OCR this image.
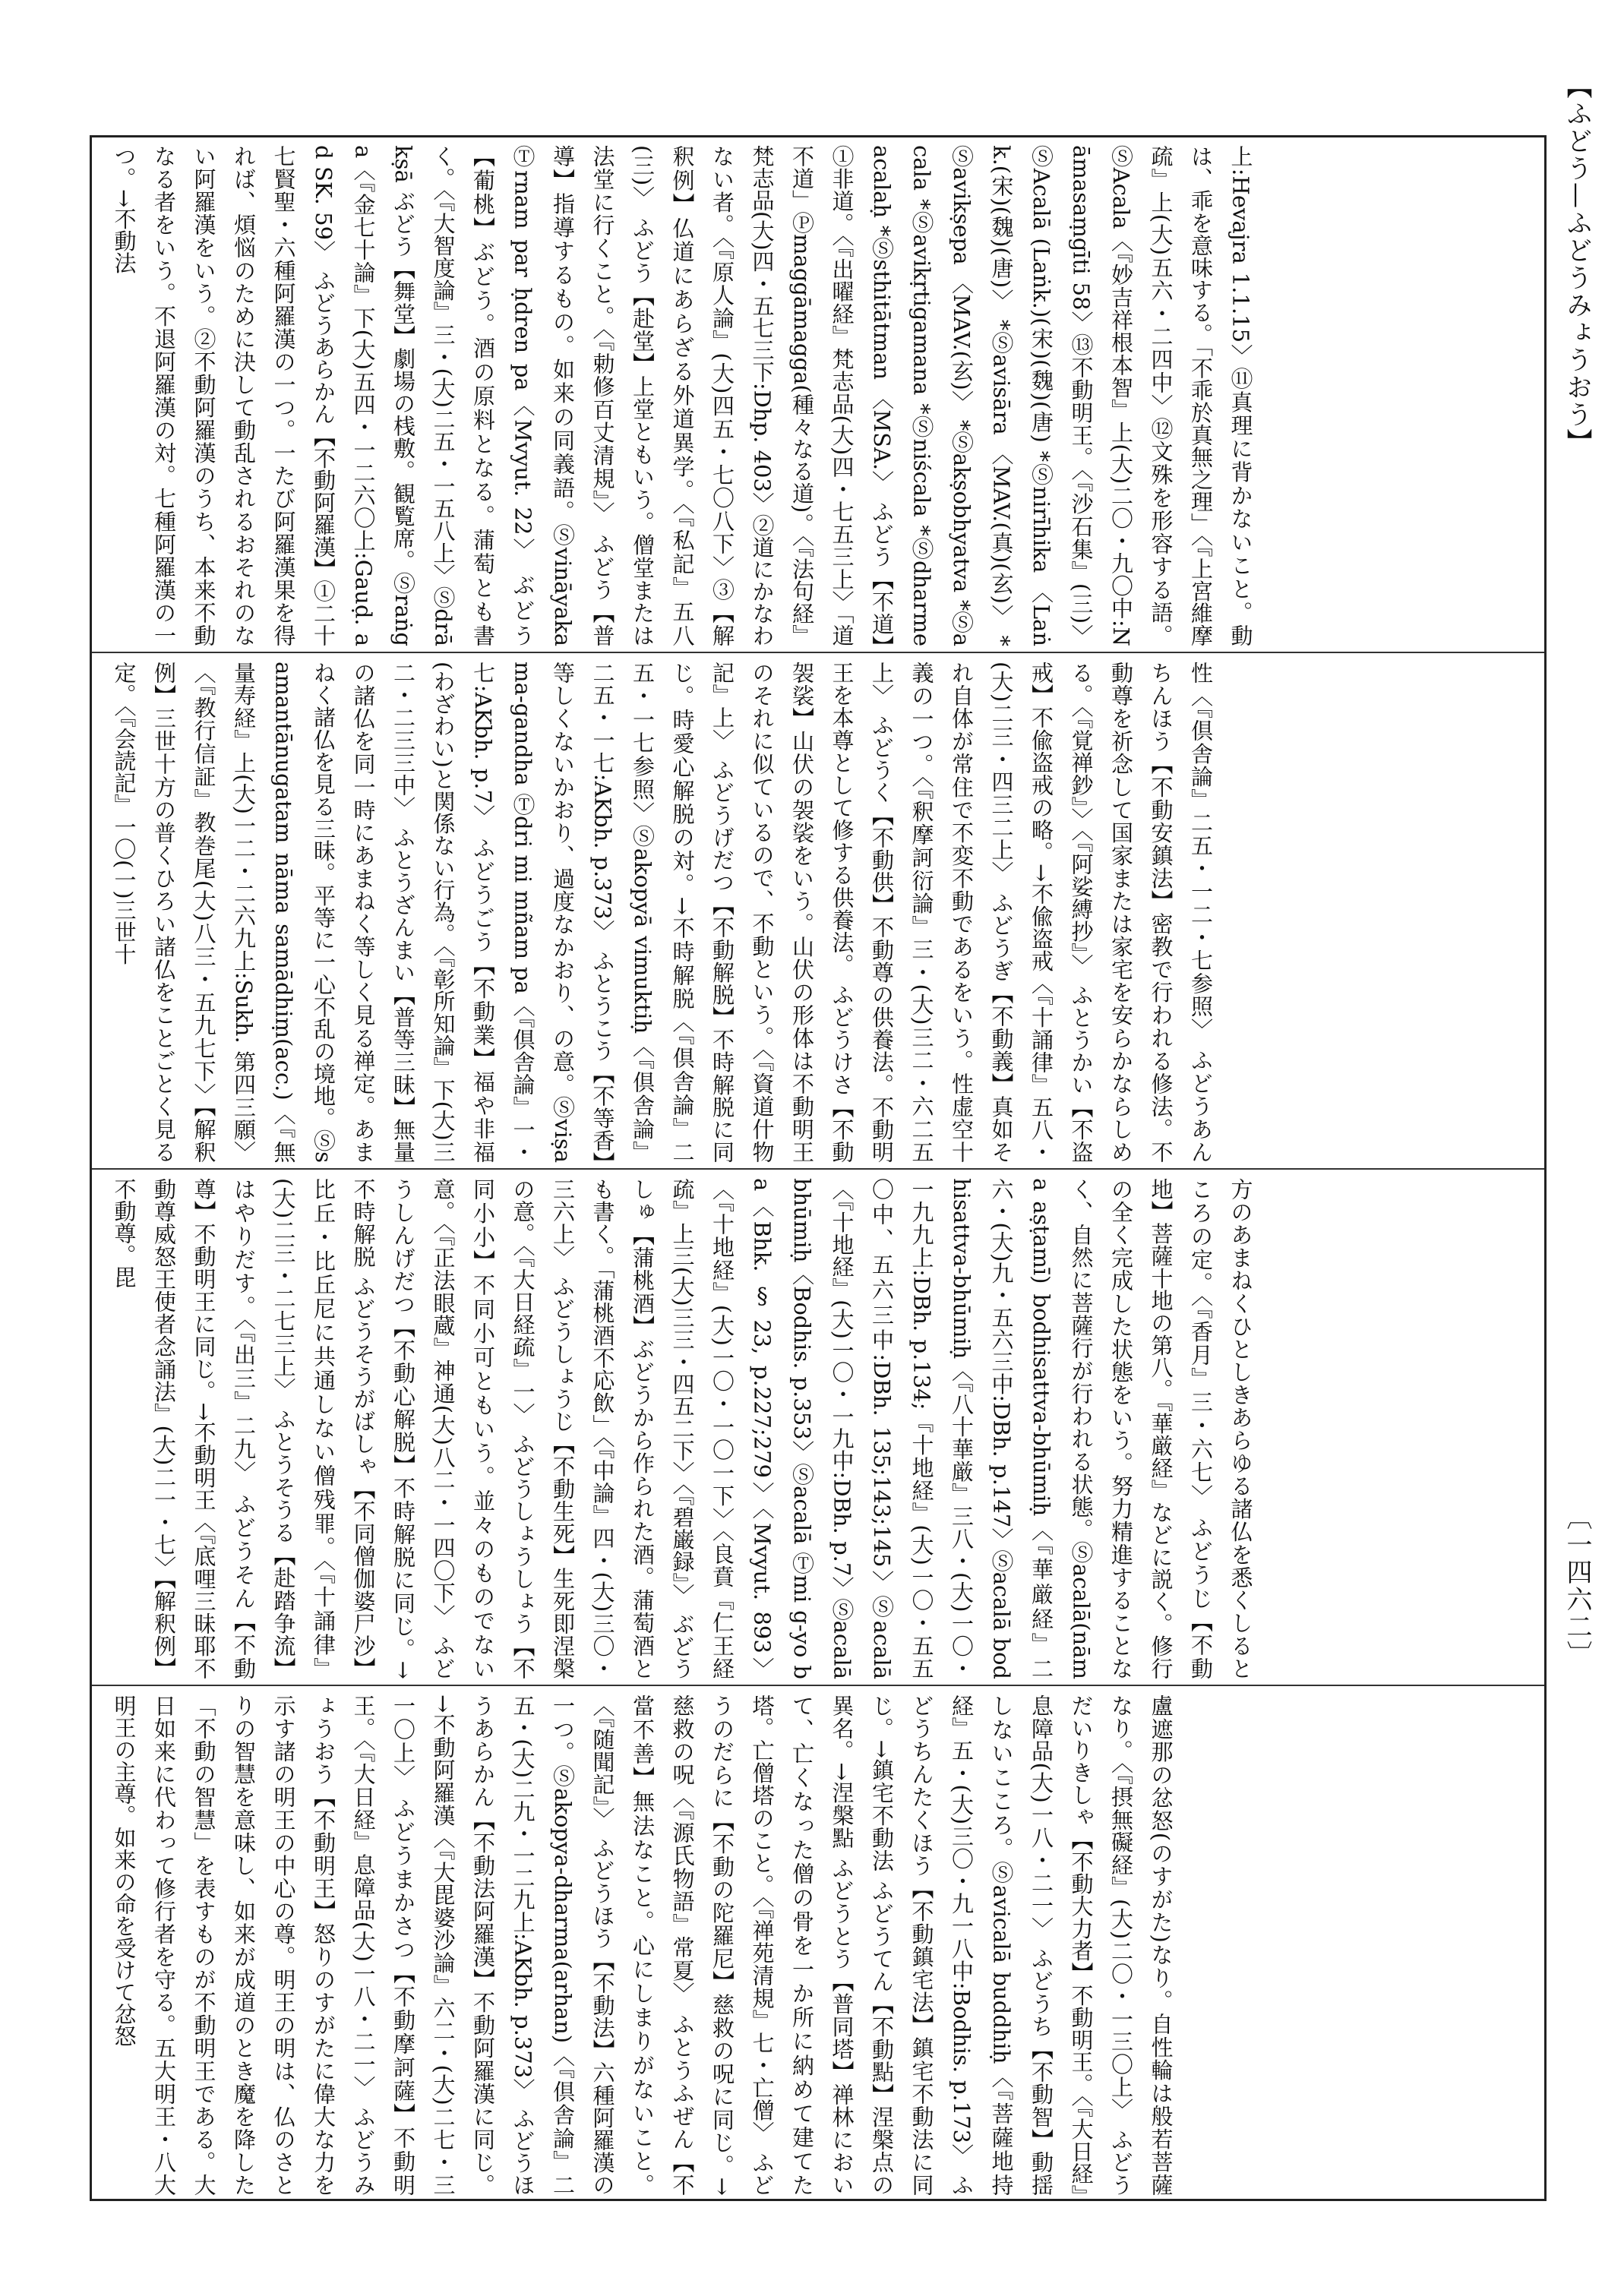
【ふどう—ふどうみょうおう】
〔一四六二〕
上:Hevajra 1.1.15〉⑪真理に背かないこと。動は、乖を意味する。「不乖於真無之理」〈『上宮維摩疏』上(大)五六・二四中〉⑫文殊を形容する語。ⓈAcala〈『妙吉祥根本智』上(大)二〇・九〇中:Nāmasaṃgīti 58〉⑬不動明王。〈『沙石集』(三)〉ⓈAcalā (Laṅk.)(宋)(魏)(唐) *Ⓢnirīhika 〈Laṅk.(宋)(魏)(唐)〉 *Ⓢavisāra 〈MAV.(真)(玄)〉 *Ⓢavikṣepa 〈MAV.(玄)〉 *Ⓢakṣobhyatva *Ⓢacala *Ⓢavikṛtigamana *Ⓢniścala *Ⓢdharme acalaḥ *Ⓢsthitātman 〈MSA.〉 ふどう【不道】①非道。〈『出曜経』梵志品(大)四・七五三上〉「道不道」Ⓟmaggāmagga(種々なる道)。〈『法句経』梵志品(大)四・五七三下:Dhp. 403〉②道にかなわない者。〈『原人論』(大)四五・七〇八下〉③【解釈例】仏道にあらざる外道異学。〈『私記』五八(三)〉 ふどう【赴堂】上堂ともいう。僧堂または法堂に行くこと。〈『勅修百丈清規』〉 ふどう【普導】指導するもの。如来の同義語。Ⓢvināyaka Ⓣrnam par ḥdren pa〈Mvyut. 22〉 ぶどう【葡桃】ぶどう。酒の原料となる。蒲萄とも書く。〈『大智度論』三・(大)二五・一五八上〉Ⓢdrākṣā ぶどう【舞堂】劇場の桟敷。観覧席。Ⓢraṅga〈『金七十論』下(大)五四・一二六〇上:Gauḍ. ad SK. 59〉 ふどうあらかん【不動阿羅漢】①二十七賢聖・六種阿羅漢の一つ。一たび阿羅漢果を得れば、煩悩のために決して動乱されるおそれのない阿羅漢をいう。②不動阿羅漢のうち、本来不動なる者をいう。不退阿羅漢の対。七種阿羅漢の一つ。→不動法
性〈『倶舎論』二五・一二・七参照〉 ふどうあんちんほう【不動安鎮法】密教で行われる修法。不動尊を祈念して国家または家宅を安らかならしめる。〈『覚禅鈔』〉〈『阿娑縛抄』〉 ふとうかい【不盗戒】不偸盗戒の略。→不偸盗戒〈『十誦律』五八・(大)二三・四三二上〉 ふどうぎ【不動義】真如それ自体が常住で不変不動であるをいう。性虚空十義の一つ。〈『釈摩訶衍論』三・(大)三二・六二五上〉 ふどうく【不動供】不動尊の供養法。不動明王を本尊として修する供養法。 ふどうけさ【不動袈裟】山伏の袈裟をいう。山伏の形体は不動明王のそれに似ているので、不動という。〈『資道什物記』上〉 ふどうげだつ【不動解脱】不時解脱に同じ。時愛心解脱の対。→不時解脱〈『倶舎論』二五・一七参照〉Ⓢakopyā vimuktiḥ〈『倶舎論』二五・一七:AKbh. p.373〉 ふとうこう【不等香】等しくないかおり、過度なかおり、の意。Ⓢviṣama-gandha Ⓣdri mi mñam pa〈『倶舎論』一・七:AKbh. p.7〉 ふどうごう【不動業】福や非福(わざわい)と関係ない行為。〈『彰所知論』下(大)三二・二三三中〉 ふとうざんまい【普等三昧】無量の諸仏を同一時にあまねく等しく見る禅定。あまねく諸仏を見る三昧。平等に一心不乱の境地。Ⓢsamantānugatam nāma samādhiṃ(acc.)〈『無量寿経』上(大)一二・二六九上:Sukh. 第四三願〉〈『教行信証』教巻尾(大)八三・五九七下〉【解釈例】三世十方の普くひろい諸仏をことごとく見る定。〈『会読記』一〇(一)三世十
方のあまねくひとしきあらゆる諸仏を悉くしるところの定。〈『香月』三・六七〉 ふどうじ【不動地】菩薩十地の第八。『華厳経』などに説く。修行の全く完成した状態をいう。努力精進することなく、自然に菩薩行が行われる状態。Ⓢacalā(nāma aṣṭamī) bodhisattva-bhūmiḥ〈『華厳経』二六・(大)九・五六三中:DBh. p.147〉Ⓢacalā bodhisattva-bhūmiḥ〈『八十華厳』三八・(大)一〇・一九九上:DBh. p.134;『十地経』(大)一〇・五五〇中、五六三中:DBh. 135;143;145〉Ⓢacalā〈『十地経』(大)一〇・一九中:DBh. p.7〉Ⓢacalā bhūmiḥ〈Bodhis. p.353〉Ⓢacalā Ⓣmi g-yo ba〈Bhk. § 23, p.227;279〉〈Mvyut. 893〉〈『十地経』(大)一〇・一〇一下〉〈良賁『仁王経疏』上三(大)三三・四五二下〉〈『碧巌録』〉 ぶどうしゅ【蒲桃酒】ぶどうから作られた酒。蒲萄酒とも書く。「蒲桃酒不応飲」〈『中論』四・(大)三〇・三六上〉 ふどうしょうじ【不動生死】生死即涅槃の意。〈『大日経疏』一〉 ふどうしょうしょう【不同小小】不同小可ともいう。並々のものでない意。〈『正法眼蔵』神通(大)八二・一四〇下〉 ふどうしんげだつ【不動心解脱】不時解脱に同じ。→不時解脱 ふどうそうがばしゃ【不同僧伽婆尸沙】比丘・比丘尼に共通しない僧残罪。〈『十誦律』(大)二三・二七三上〉 ふとうそうる【赴踏争流】はやりだす。〈『出三』二九〉 ふどうそん【不動尊】不動明王に同じ。→不動明王〈『底哩三昧耶不動尊威怒王使者念誦法』(大)二一・七〉【解釈例】不動尊。毘
盧遮那の忿怒(のすがた)なり。自性輪は般若菩薩なり。〈『摂無礙経』(大)二〇・一三〇上〉 ふどうだいりきしゃ【不動大力者】不動明王。〈『大日経』息障品(大)一八・二一〉 ふどうち【不動智】動揺しないこころ。Ⓢavicalā buddhiḥ〈『菩薩地持経』五・(大)三〇・九一八中:Bodhis. p.173〉 ふどうちんたくほう【不動鎮宅法】鎮宅不動法に同じ。→鎮宅不動法 ふどうてん【不動點】涅槃点の異名。→涅槃點 ふどうとう【普同塔】禅林において、亡くなった僧の骨を一か所に納めて建てた塔。亡僧塔のこと。〈『禅苑清規』七・亡僧〉 ふどうのだらに【不動の陀羅尼】慈救の呪に同じ。→慈救の呪〈『源氏物語』常夏〉 ふとうふぜん【不當不善】無法なこと。心にしまりがないこと。〈『随聞記』〉 ふどうほう【不動法】六種阿羅漢の一つ。Ⓢakopya-dharma(arhan)〈『倶舎論』二五・(大)二九・一二九上:AKbh. p.373〉 ふどうほうあらかん【不動法阿羅漢】不動阿羅漢に同じ。→不動阿羅漢〈『大毘婆沙論』六二・(大)二七・三一〇上〉 ふどうまかさつ【不動摩訶薩】不動明王。〈『大日経』息障品(大)一八・二一〉 ふどうみょうおう【不動明王】怒りのすがたに偉大な力を示す諸の明王の中心の尊。明王の明は、仏のさとりの智慧を意味し、如来が成道のとき魔を降した「不動の智慧」を表すものが不動明王である。大日如来に代わって修行者を守る。五大明王・八大明王の主尊。如来の命を受けて忿怒
